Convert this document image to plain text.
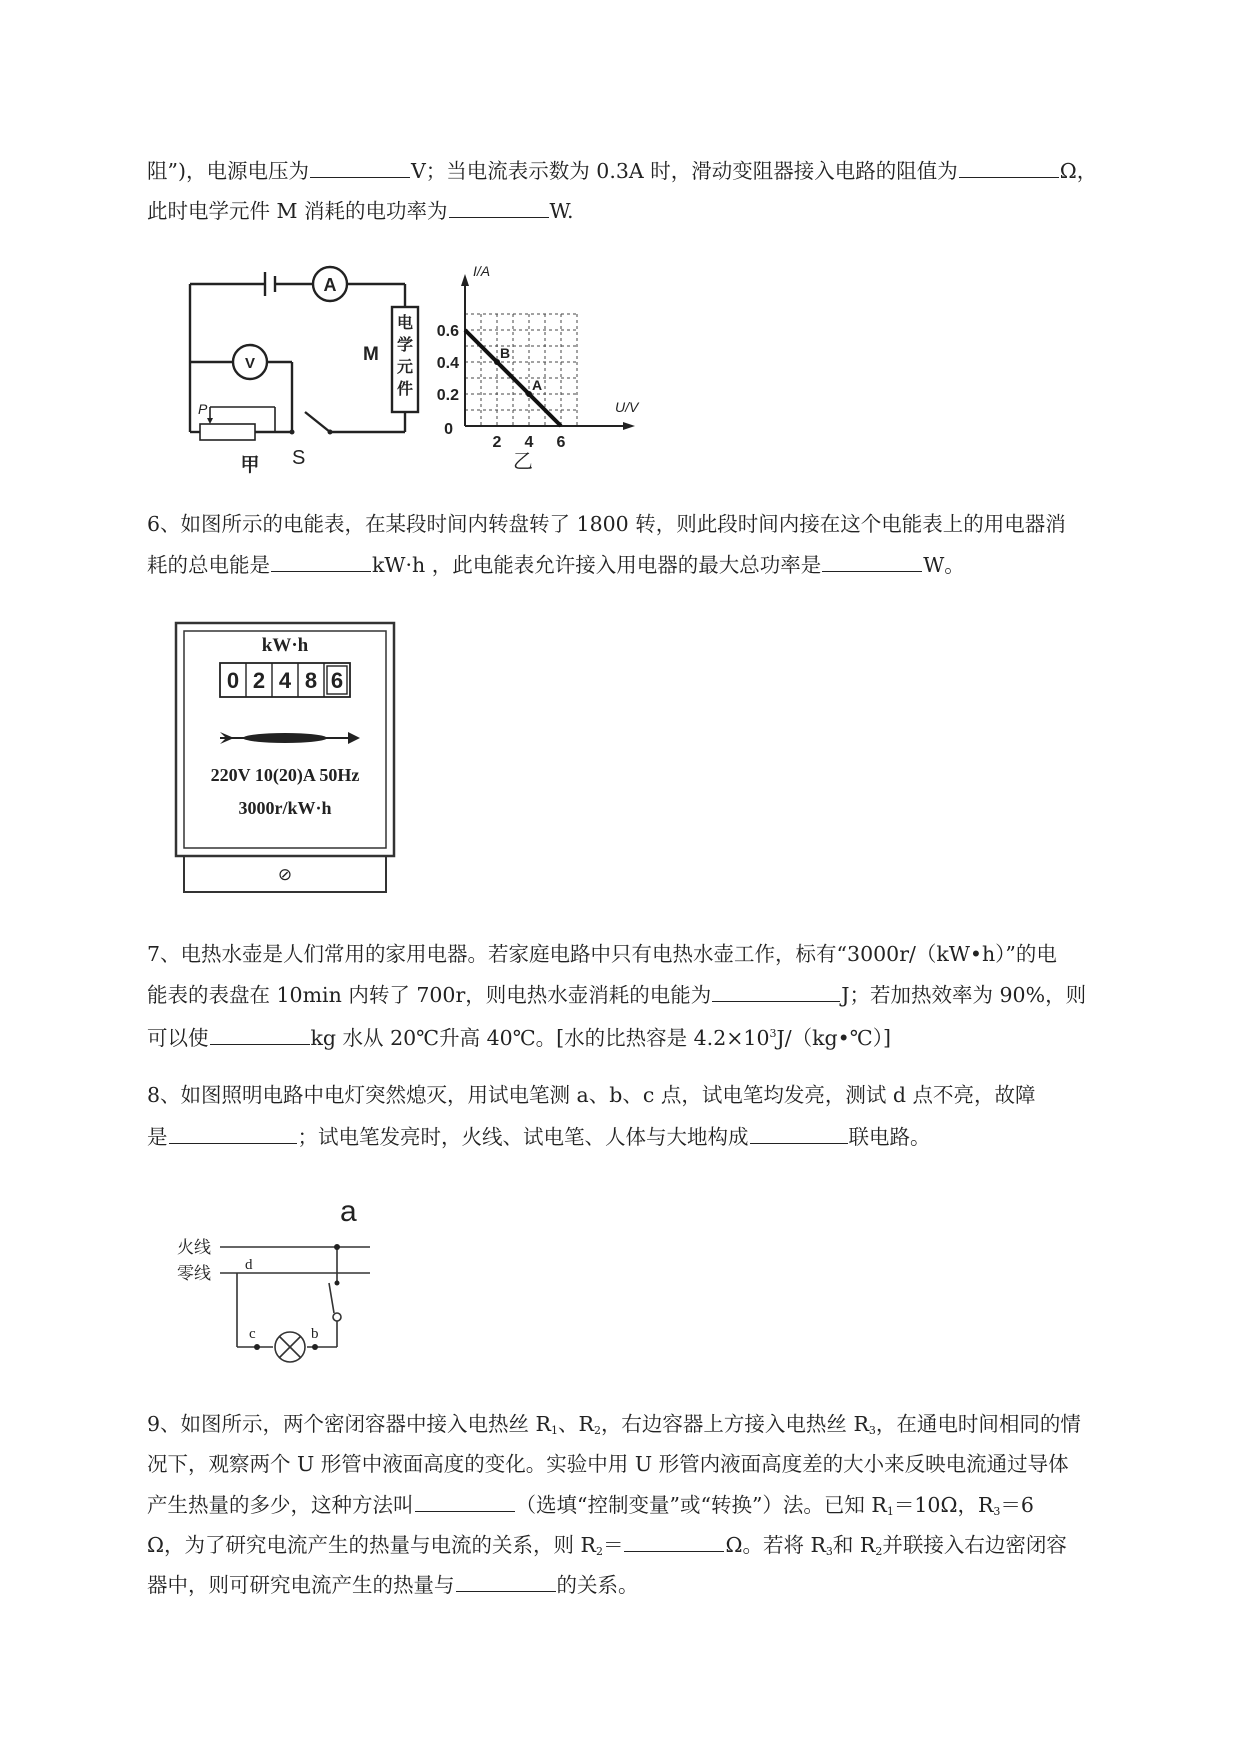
阻”)，电源电压为	V；当电流表示数为 0.3A 时，滑动变阻器接入电路的阻值为	Ω，
此时电学元件 M 消耗的电功率为	W.
A
V	M
电
学
元
件
P
S
甲
B
A
I/A
U/V
0
0.6
0.4
0.2
2 4 6
乙
6、如图所示的电能表，在某段时间内转盘转了 1800 转，则此段时间内接在这个电能表上的用电器消
耗的总电能是	kW·h ，此电能表允许接入用电器的最大总功率是	W。
kW·h
0 2 4 8 6
220V 10(20)A 50Hz
3000r/kW·h
⊘
7、电热水壶是人们常用的家用电器。若家庭电路中只有电热水壶工作，标有“3000r/（kW•h）”的电
能表的表盘在 10min 内转了 700r，则电热水壶消耗的电能为	J；若加热效率为 90%，则
可以使	kg 水从 20℃升高 40℃。[水的比热容是 $4.2\times 10^3J/(kg•℃)$]
8、如图照明电路中电灯突然熄灭，用试电笔测 a、b、c 点，试电笔均发亮，测试 d 点不亮，故障
是	；试电笔发亮时，火线、试电笔、人体与大地构成	联电路。
火线
零线
a
d
c	b
9、如图所示，两个密闭容器中接入电热丝 $R_1$、$R_2$，右边容器上方接入电热丝 $R_3$，在通电时间相同的情
况下，观察两个 U 形管中液面高度的变化。实验中用 U 形管内液面高度差的大小来反映电流通过导体
产生热量的多少，这种方法叫	（选填“控制变量”或“转换”）法。已知 $R_1=10\Omega$，$R_3=6$
Ω，为了研究电流产生的热量与电流的关系，则 $R_2=$	Ω。若将 $R_3$和 $R_2$并联接入右边密闭容
器中，则可研究电流产生的热量与	的关系。
